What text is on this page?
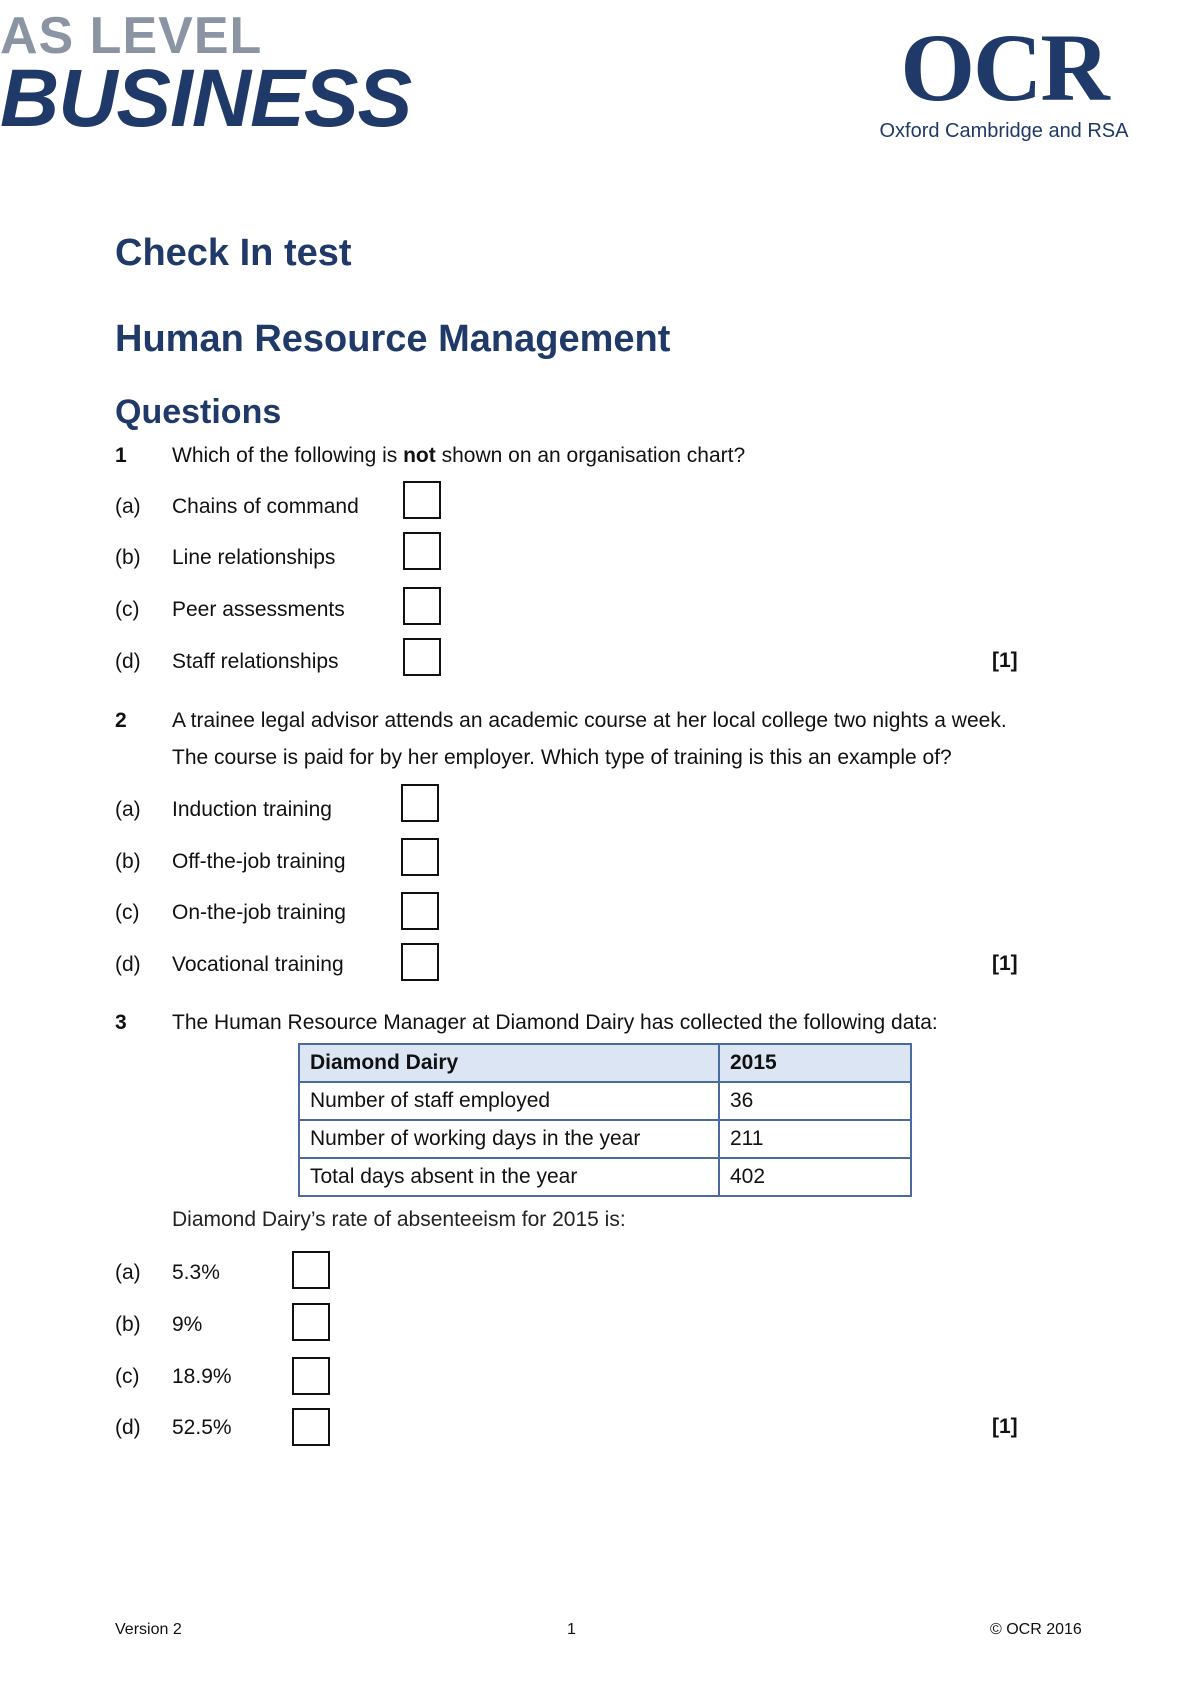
AS LEVEL
BUSINESS	OCR
Oxford Cambridge and RSA
Check In test
Human Resource Management
Questions
1 Which of the following is not shown on an organisation chart?
(a) Chains of command
(b) Line relationships
(c) Peer assessments
(d) Staff relationships	[1]
2 A trainee legal advisor attends an academic course at her local college two nights a week.
The course is paid for by her employer. Which type of training is this an example of?
(a) Induction training
(b) Off-the-job training
(c) On-the-job training
(d) Vocational training	[1]
3 The Human Resource Manager at Diamond Dairy has collected the following data:
Diamond Dairy	2015
Number of staff employed	36
Number of working days in the year	211
Total days absent in the year	402
Diamond Dairy’s rate of absenteeism for 2015 is:
(a) 5.3%
(b) 9%
(c) 18.9%
(d) 52.5%	[1]
Version 2	1	© OCR 2016
